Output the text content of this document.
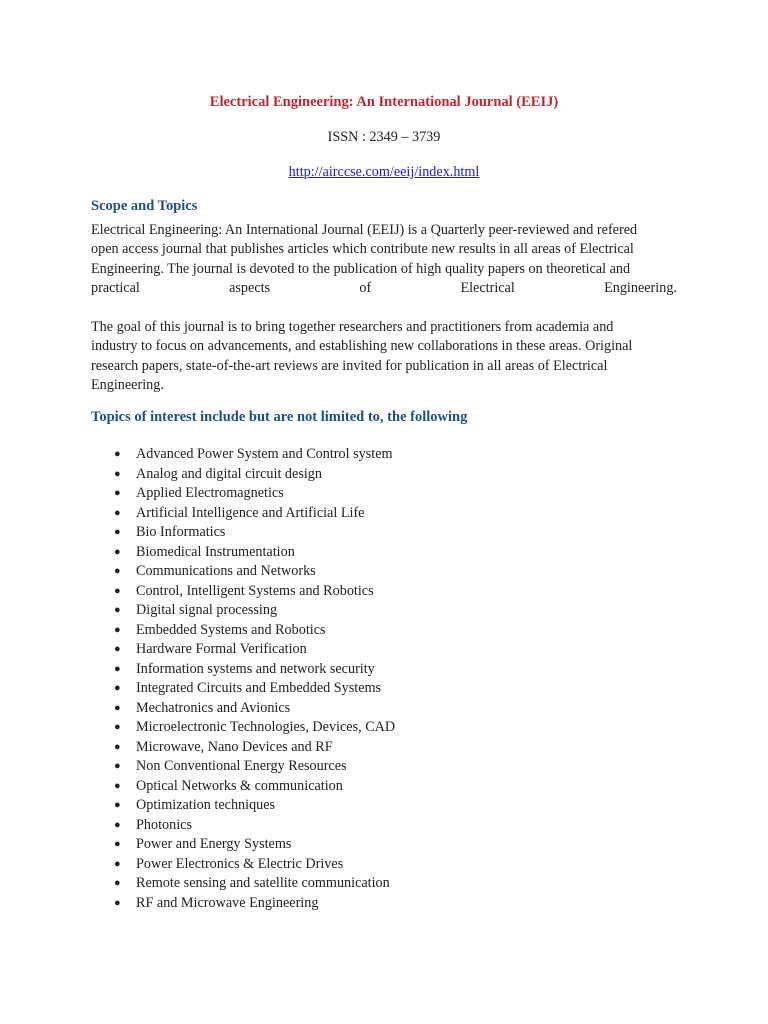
Electrical Engineering: An International Journal (EEIJ)
ISSN : 2349 – 3739
http://airccse.com/eeij/index.html
Scope and Topics
Electrical Engineering: An International Journal (EEIJ) is a Quarterly peer-reviewed and refered
open access journal that publishes articles which contribute new results in all areas of Electrical
Engineering. The journal is devoted to the publication of high quality papers on theoretical and
practical	aspects	of	Electrical	Engineering.
The goal of this journal is to bring together researchers and practitioners from academia and
industry to focus on advancements, and establishing new collaborations in these areas. Original
research papers, state-of-the-art reviews are invited for publication in all areas of Electrical
Engineering.
Topics of interest include but are not limited to, the following
● Advanced Power System and Control system
● Analog and digital circuit design
● Applied Electromagnetics
● Artificial Intelligence and Artificial Life
● Bio Informatics
● Biomedical Instrumentation
● Communications and Networks
● Control, Intelligent Systems and Robotics
● Digital signal processing
● Embedded Systems and Robotics
● Hardware Formal Verification
● Information systems and network security
● Integrated Circuits and Embedded Systems
● Mechatronics and Avionics
● Microelectronic Technologies, Devices, CAD
● Microwave, Nano Devices and RF
● Non Conventional Energy Resources
● Optical Networks & communication
● Optimization techniques
● Photonics
● Power and Energy Systems
● Power Electronics & Electric Drives
● Remote sensing and satellite communication
● RF and Microwave Engineering
